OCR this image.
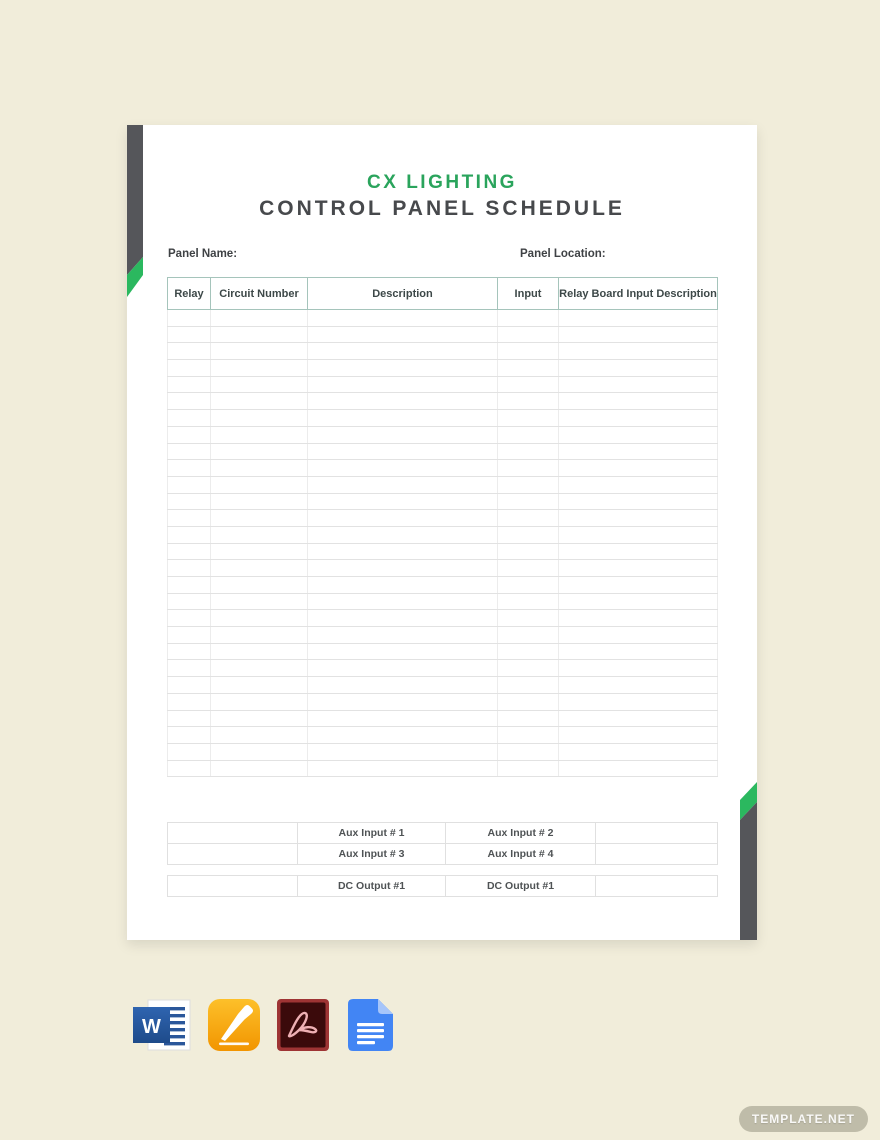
CX LIGHTING
CONTROL PANEL SCHEDULE
Panel Name:	Panel Location:
Relay	Circuit Number	Description	Input	Relay Board Input Description

	Aux Input # 1	Aux Input # 2	
	Aux Input # 3	Aux Input # 4	
	DC Output #1	DC Output #1	
W
TEMPLATE.NET
